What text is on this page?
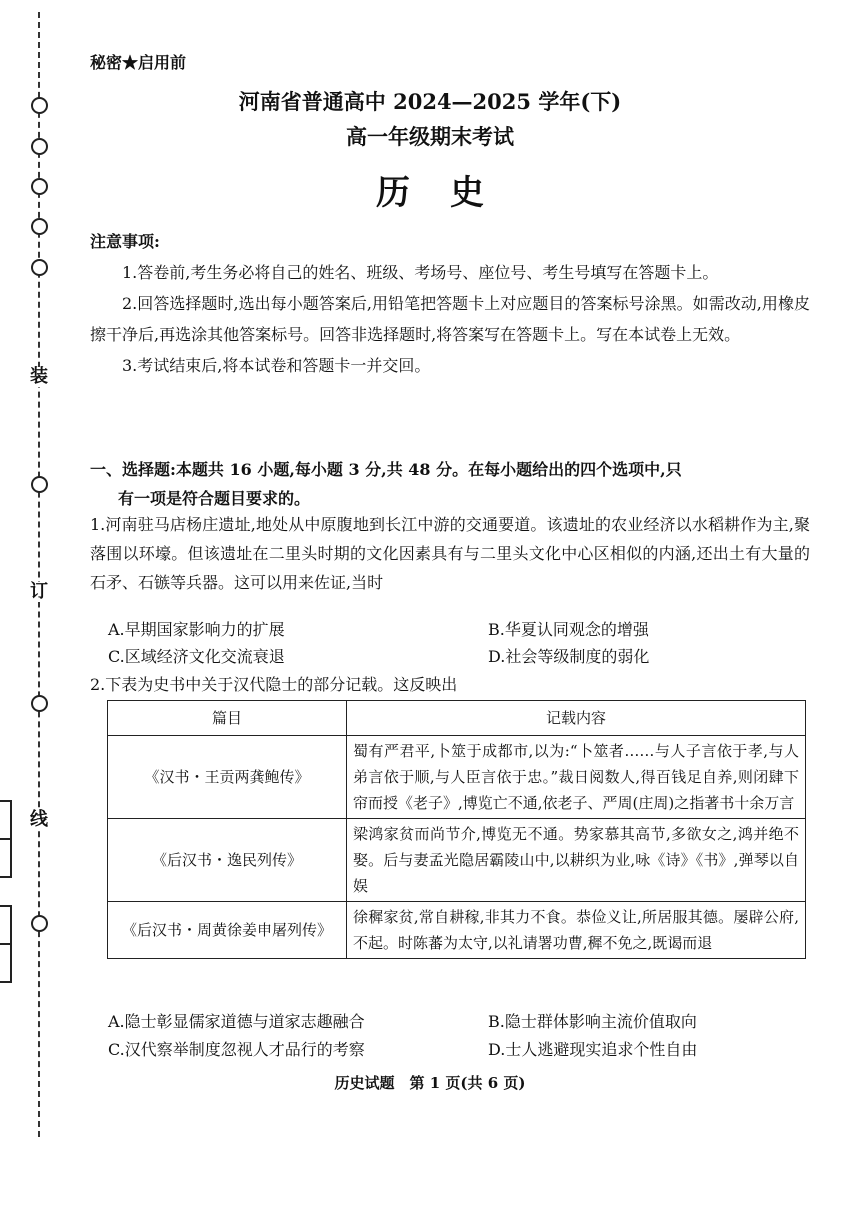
装
订
线
秘密★启用前
河南省普通高中 2024—2025 学年(下)
高一年级期末考试
历史
注意事项:

1.答卷前,考生务必将自己的姓名、班级、考场号、座位号、考生号填写在答题卡上。

2.回答选择题时,选出每小题答案后,用铅笔把答题卡上对应题目的答案标号涂黑。如需改动,用橡皮擦干净后,再选涂其他答案标号。回答非选择题时,将答案写在答题卡上。写在本试卷上无效。

3.考试结束后,将本试卷和答题卡一并交回。

一、选择题:本题共 16 小题,每小题 3 分,共 48 分。在每小题给出的四个选项中,只
有一项是符合题目要求的。
1.河南驻马店杨庄遗址,地处从中原腹地到长江中游的交通要道。该遗址的农业经济以水稻耕作为主,聚落围以环壕。但该遗址在二里头时期的文化因素具有与二里头文化中心区相似的内涵,还出土有大量的石矛、石镞等兵器。这可以用来佐证,当时
A.早期国家影响力的扩展	B.华夏认同观念的增强
C.区域经济文化交流衰退	D.社会等级制度的弱化
2.下表为史书中关于汉代隐士的部分记载。这反映出
篇目	记载内容
《汉书・王贡两龚鲍传》	蜀有严君平,卜筮于成都市,以为:“卜筮者……与人子言依于孝,与人弟言依于顺,与人臣言依于忠。”裁日阅数人,得百钱足自养,则闭肆下帘而授《老子》,博览亡不通,依老子、严周(庄周)之指著书十余万言
《后汉书・逸民列传》	梁鸿家贫而尚节介,博览无不通。势家慕其高节,多欲女之,鸿并绝不娶。后与妻孟光隐居霸陵山中,以耕织为业,咏《诗》《书》,弹琴以自娱
《后汉书・周黄徐姜申屠列传》	徐穉家贫,常自耕稼,非其力不食。恭俭义让,所居服其德。屡辟公府,不起。时陈蕃为太守,以礼请署功曹,穉不免之,既谒而退
A.隐士彰显儒家道德与道家志趣融合	B.隐士群体影响主流价值取向
C.汉代察举制度忽视人才品行的考察	D.士人逃避现实追求个性自由
历史试题　第 1 页(共 6 页)
